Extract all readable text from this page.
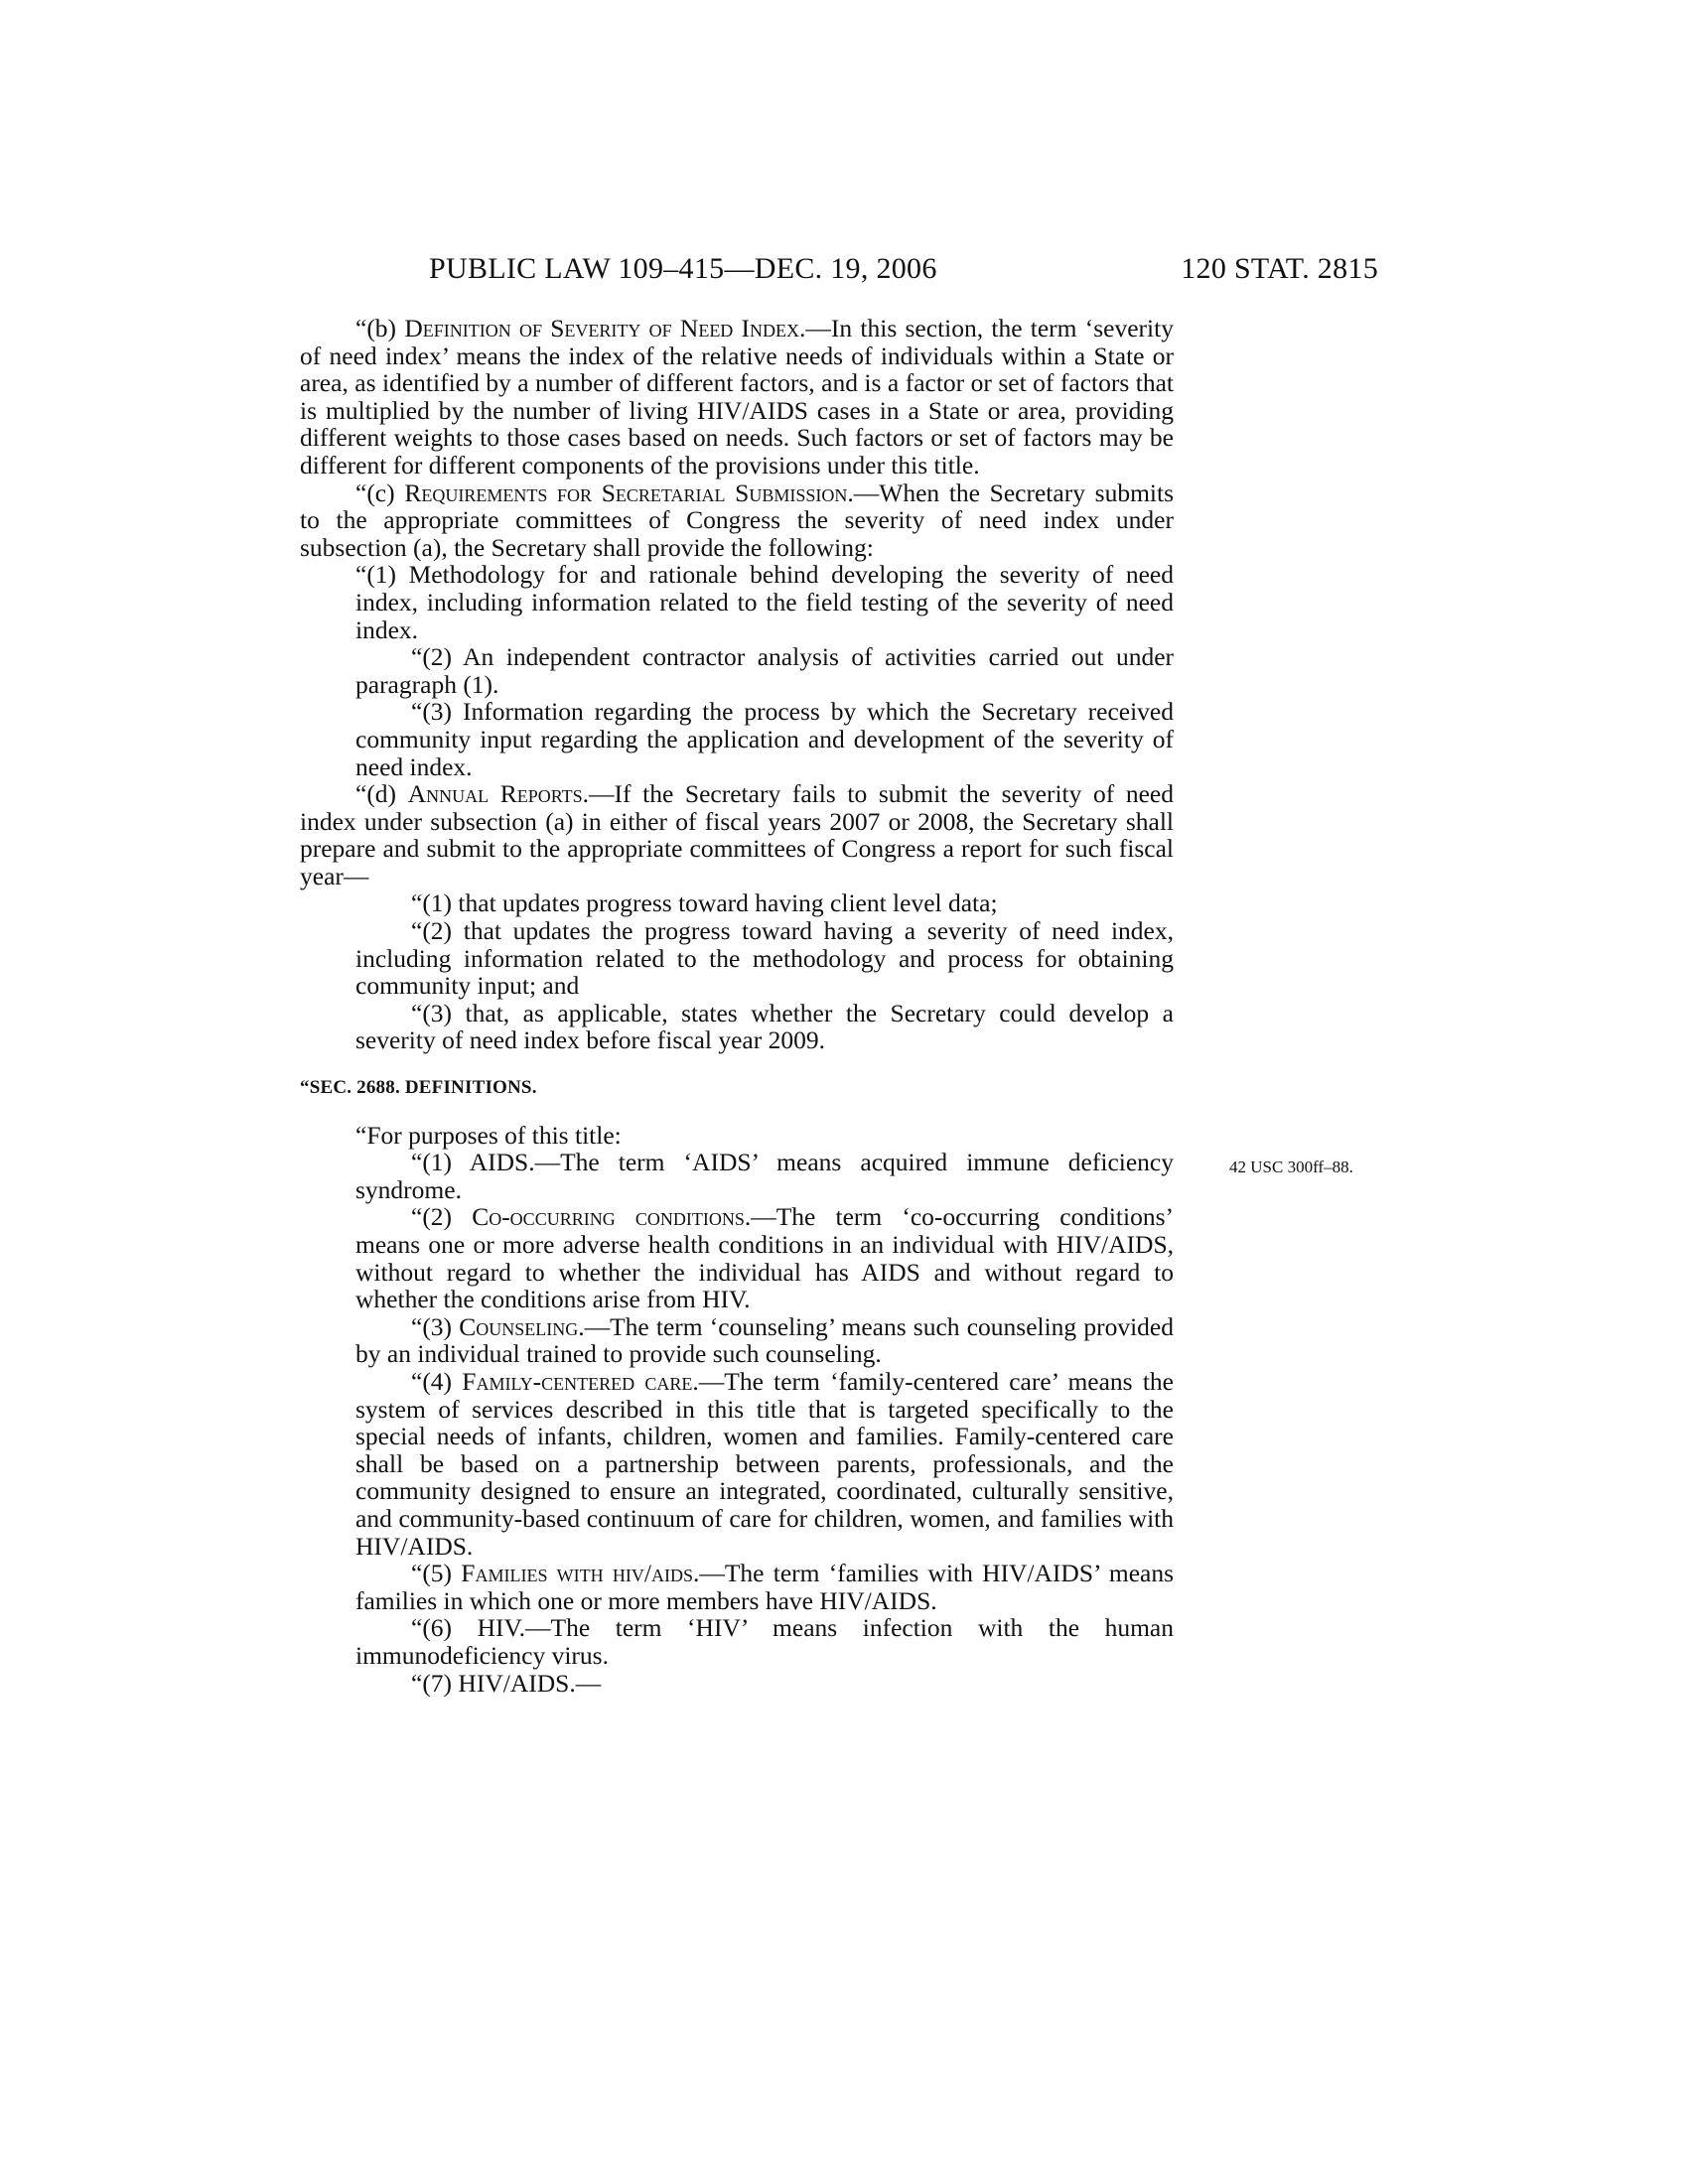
PUBLIC LAW 109–415—DEC. 19, 2006	120 STAT. 2815
42 USC 300ff–88.

“(b) Definition of Severity of Need Index.—In this section, the term ‘severity of need index’ means the index of the relative needs of individuals within a State or area, as identified by a number of different factors, and is a factor or set of factors that is multiplied by the number of living HIV/AIDS cases in a State or area, providing different weights to those cases based on needs. Such factors or set of factors may be different for different components of the provisions under this title.

“(c) Requirements for Secretarial Submission.—When the Secretary submits to the appropriate committees of Congress the severity of need index under subsection (a), the Secretary shall provide the following:

“(1) Methodology for and rationale behind developing the severity of need index, including information related to the field testing of the severity of need index.

“(2) An independent contractor analysis of activities carried out under paragraph (1).

“(3) Information regarding the process by which the Secretary received community input regarding the application and development of the severity of need index.

“(d) Annual Reports.—If the Secretary fails to submit the severity of need index under subsection (a) in either of fiscal years 2007 or 2008, the Secretary shall prepare and submit to the appropriate committees of Congress a report for such fiscal year—

“(1) that updates progress toward having client level data;

“(2) that updates the progress toward having a severity of need index, including information related to the methodology and process for obtaining community input; and

“(3) that, as applicable, states whether the Secretary could develop a severity of need index before fiscal year 2009.

“SEC. 2688. DEFINITIONS.

“For purposes of this title:

“(1) AIDS.—The term ‘AIDS’ means acquired immune deficiency syndrome.

“(2) Co-occurring conditions.—The term ‘co-occurring conditions’ means one or more adverse health conditions in an individual with HIV/AIDS, without regard to whether the individual has AIDS and without regard to whether the conditions arise from HIV.

“(3) Counseling.—The term ‘counseling’ means such counseling provided by an individual trained to provide such counseling.

“(4) Family-centered care.—The term ‘family-centered care’ means the system of services described in this title that is targeted specifically to the special needs of infants, children, women and families. Family-centered care shall be based on a partnership between parents, professionals, and the community designed to ensure an integrated, coordinated, culturally sensitive, and community-based continuum of care for children, women, and families with HIV/AIDS.

“(5) Families with hiv/aids.—The term ‘families with HIV/AIDS’ means families in which one or more members have HIV/AIDS.

“(6) HIV.—The term ‘HIV’ means infection with the human immunodeficiency virus.

“(7) HIV/AIDS.—
